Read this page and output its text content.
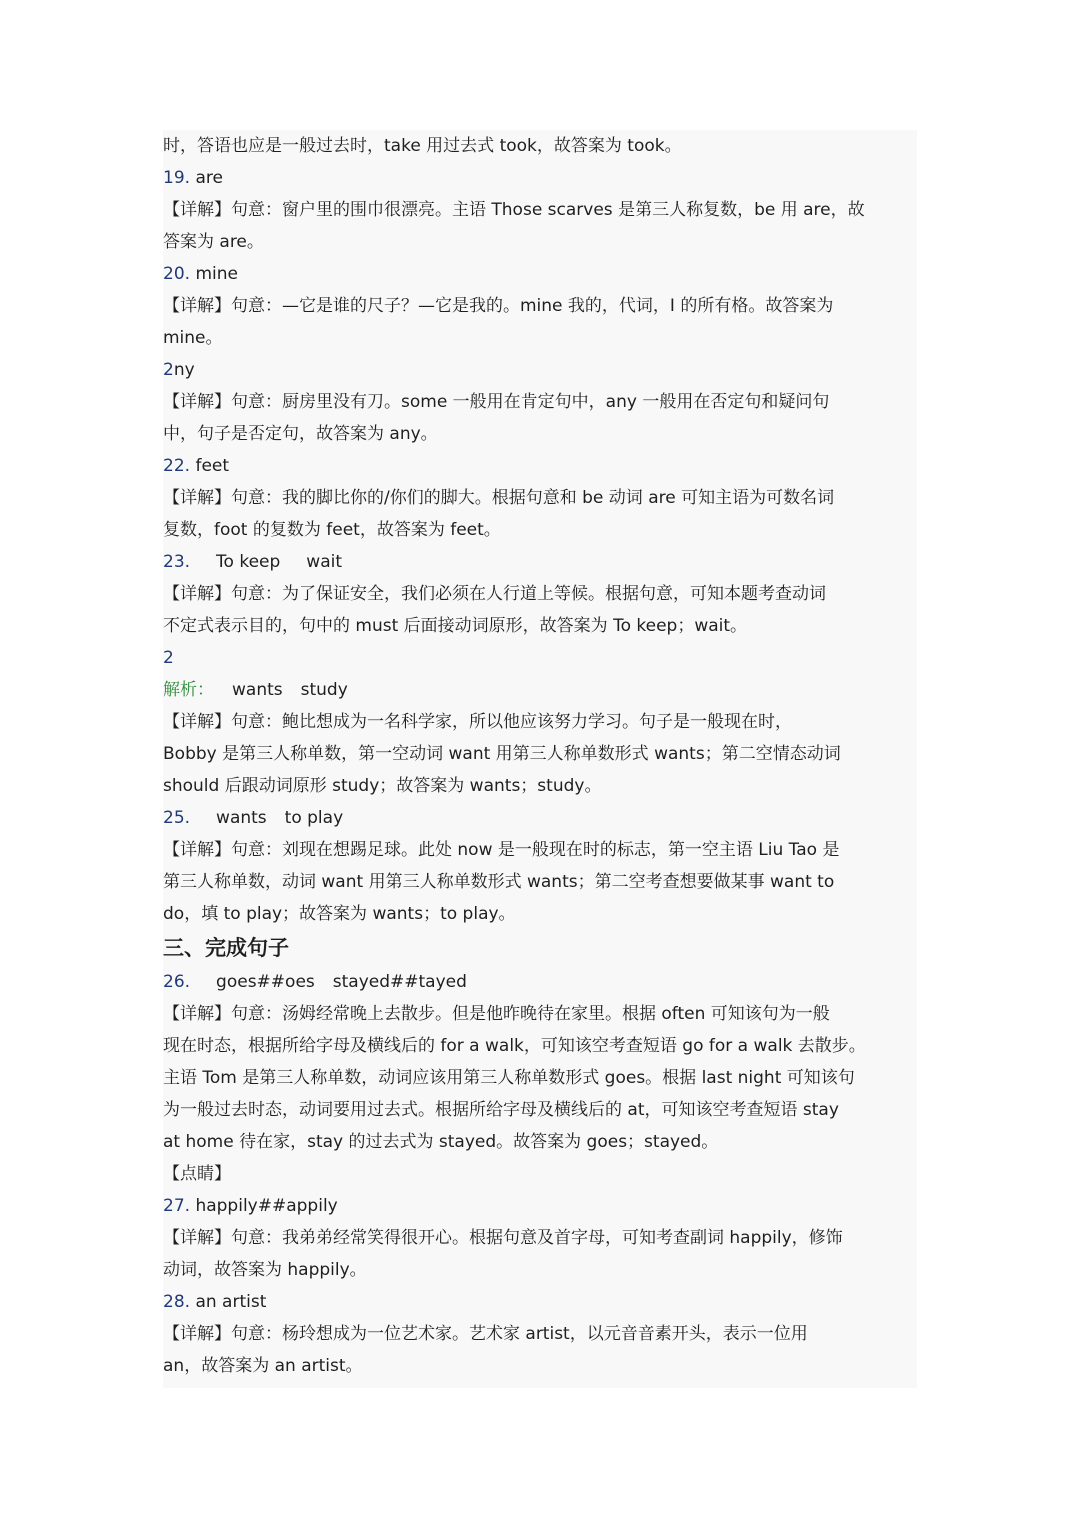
时，答语也应是一般过去时，take 用过去式 took，故答案为 took。
19. are
【详解】句意：窗户里的围巾很漂亮。主语 Those scarves 是第三人称复数，be 用 are，故
答案为 are。
20. mine
【详解】句意：—它是谁的尺子？—它是我的。mine 我的，代词，I 的所有格。故答案为
mine。
2ny
【详解】句意：厨房里没有刀。some 一般用在肯定句中，any 一般用在否定句和疑问句
中，句子是否定句，故答案为 any。
22. feet
【详解】句意：我的脚比你的/你们的脚大。根据句意和 be 动词 are 可知主语为可数名词
复数，foot 的复数为 feet，故答案为 feet。
23. To keep wait
【详解】句意：为了保证安全，我们必须在人行道上等候。根据句意，可知本题考查动词
不定式表示目的，句中的 must 后面接动词原形，故答案为 To keep；wait。
2
解析： wants study
【详解】句意：鲍比想成为一名科学家，所以他应该努力学习。句子是一般现在时，
Bobby 是第三人称单数，第一空动词 want 用第三人称单数形式 wants；第二空情态动词
should 后跟动词原形 study；故答案为 wants；study。
25. wants to play
【详解】句意：刘现在想踢足球。此处 now 是一般现在时的标志，第一空主语 Liu Tao 是
第三人称单数，动词 want 用第三人称单数形式 wants；第二空考查想要做某事 want to
do，填 to play；故答案为 wants；to play。
三、完成句子
26. goes##oes stayed##tayed
【详解】句意：汤姆经常晚上去散步。但是他昨晚待在家里。根据 often 可知该句为一般
现在时态，根据所给字母及横线后的 for a walk，可知该空考查短语 go for a walk 去散步。
主语 Tom 是第三人称单数，动词应该用第三人称单数形式 goes。根据 last night 可知该句
为一般过去时态，动词要用过去式。根据所给字母及横线后的 at，可知该空考查短语 stay
at home 待在家，stay 的过去式为 stayed。故答案为 goes；stayed。
【点睛】
27. happily##appily
【详解】句意：我弟弟经常笑得很开心。根据句意及首字母，可知考查副词 happily，修饰
动词，故答案为 happily。
28. an artist
【详解】句意：杨玲想成为一位艺术家。艺术家 artist，以元音音素开头，表示一位用
an，故答案为 an artist。
